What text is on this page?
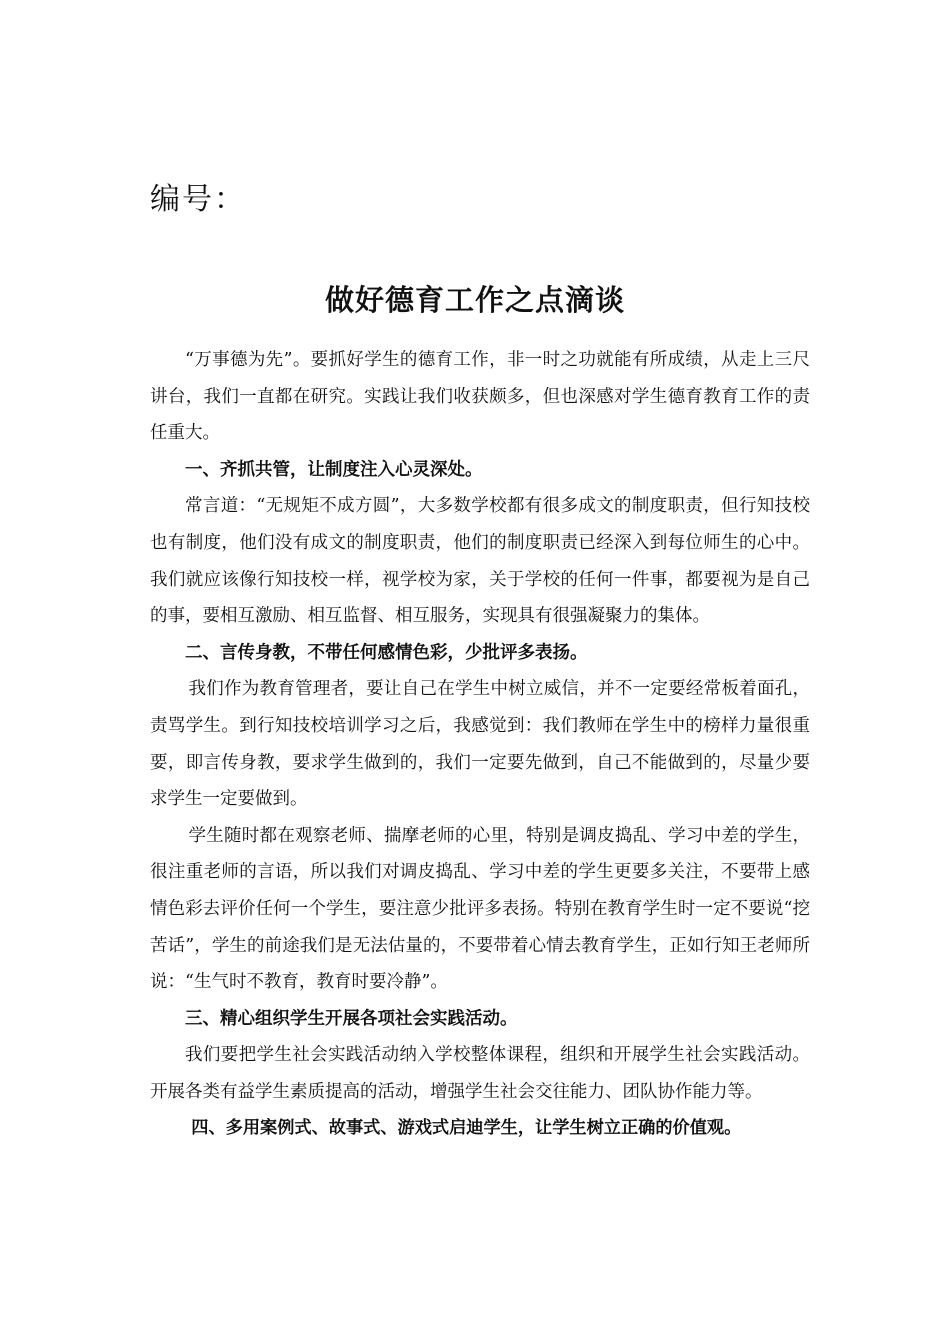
编号：
做好德育工作之点滴谈

“万事德为先”。要抓好学生的德育工作，非一时之功就能有所成绩，从走上三尺讲台，我们一直都在研究。实践让我们收获颇多，但也深感对学生德育教育工作的责任重大。

一、齐抓共管，让制度注入心灵深处。

常言道：“无规矩不成方圆”，大多数学校都有很多成文的制度职责，但行知技校也有制度，他们没有成文的制度职责，他们的制度职责已经深入到每位师生的心中。我们就应该像行知技校一样，视学校为家，关于学校的任何一件事，都要视为是自己的事，要相互激励、相互监督、相互服务，实现具有很强凝聚力的集体。

二、言传身教，不带任何感情色彩，少批评多表扬。

我们作为教育管理者，要让自己在学生中树立威信，并不一定要经常板着面孔，责骂学生。到行知技校培训学习之后，我感觉到：我们教师在学生中的榜样力量很重要，即言传身教，要求学生做到的，我们一定要先做到，自己不能做到的，尽量少要求学生一定要做到。

学生随时都在观察老师、揣摩老师的心里，特别是调皮捣乱、学习中差的学生，很注重老师的言语，所以我们对调皮捣乱、学习中差的学生更要多关注，不要带上感情色彩去评价任何一个学生，要注意少批评多表扬。特别在教育学生时一定不要说“挖苦话”，学生的前途我们是无法估量的，不要带着心情去教育学生，正如行知王老师所说：“生气时不教育，教育时要冷静”。

三、精心组织学生开展各项社会实践活动。

我们要把学生社会实践活动纳入学校整体课程，组织和开展学生社会实践活动。开展各类有益学生素质提高的活动，增强学生社会交往能力、团队协作能力等。

四、多用案例式、故事式、游戏式启迪学生，让学生树立正确的价值观。
